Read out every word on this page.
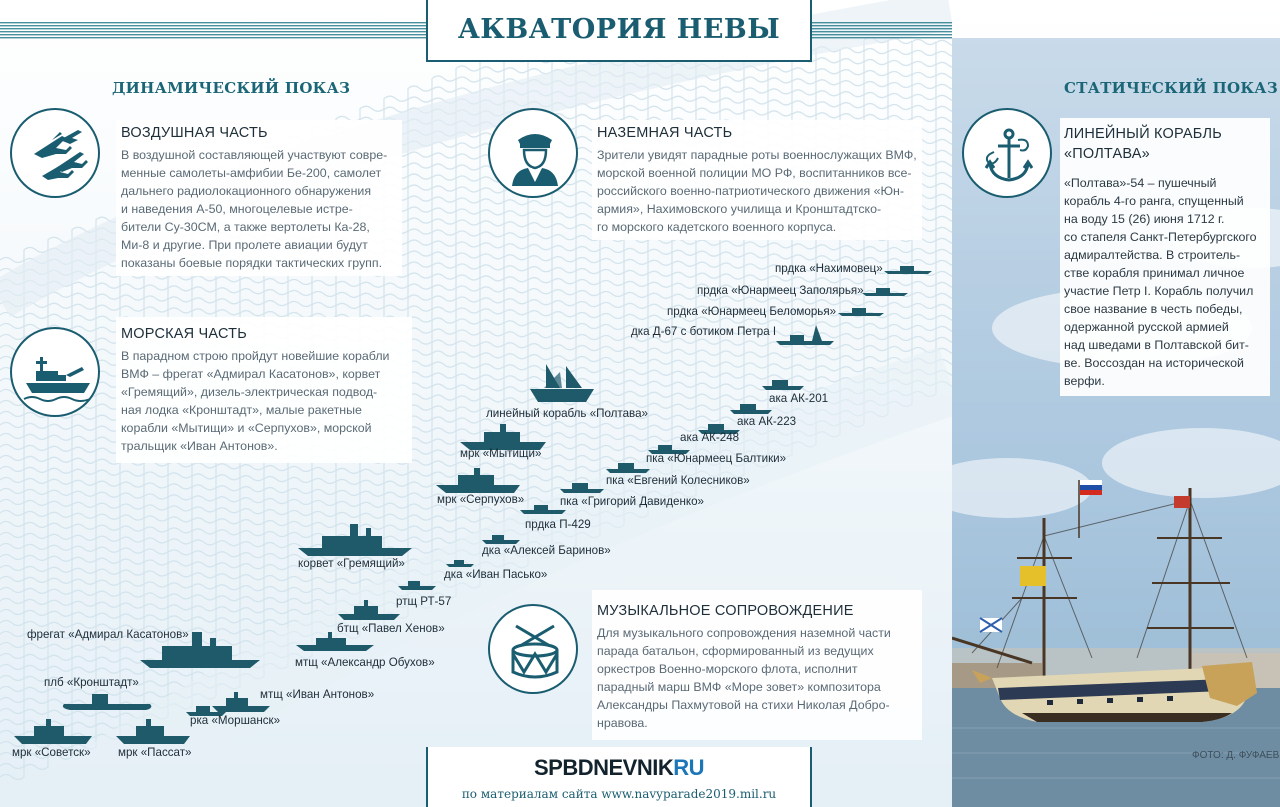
АКВАТОРИЯ НЕВЫ
ДИНАМИЧЕСКИЙ ПОКАЗ	СТАТИЧЕСКИЙ ПОКАЗ
ФОТО: Д. ФУФАЕВ
ВОЗДУШНАЯ ЧАСТЬ
В воздушной составляющей участвуют совре-
менные самолеты-амфибии Бе-200, самолет
дальнего радиолокационного обнаружения
и наведения А-50, многоцелевые истре-
бители Су-30СМ, а также вертолеты Ка-28,
Ми-8 и другие. При пролете авиации будут
показаны боевые порядки тактических групп.
НАЗЕМНАЯ ЧАСТЬ
Зрители увидят парадные роты военнослужащих ВМФ,
морской военной полиции МО РФ, воспитанников все-
российского военно-патриотического движения «Юн-
армия», Нахимовского училища и Кронштадтско-
го морского кадетского военного корпуса.
МОРСКАЯ ЧАСТЬ
В парадном строю пройдут новейшие корабли
ВМФ – фрегат «Адмирал Касатонов», корвет
«Гремящий», дизель-электрическая подвод-
ная лодка «Кронштадт», малые ракетные
корабли «Мытищи» и «Серпухов», морской
тральщик «Иван Антонов».
МУЗЫКАЛЬНОЕ СОПРОВОЖДЕНИЕ
Для музыкального сопровождения наземной части
парада батальон, сформированный из ведущих
оркестров Военно-морского флота, исполнит
парадный марш ВМФ «Море зовет» композитора
Александры Пахмутовой на стихи Николая Добро-
нравова.
ЛИНЕЙНЫЙ КОРАБЛЬ
«ПОЛТАВА»
«Полтава»-54 – пушечный
корабль 4-го ранга, спущенный
на воду 15 (26) июня 1712 г.
со стапеля Санкт-Петербургского
адмиралтейства. В строитель-
стве корабля принимал личное
участие Петр I. Корабль получил
свое название в честь победы,
одержанной русской армией
над шведами в Полтавской бит-
ве. Воссоздан на исторической
верфи.
прдка «Нахимовец»
прдка «Юнармеец Заполярья»
прдка «Юнармеец Беломорья»
дка Д-67 с ботиком Петра I
линейный корабль «Полтава»
ака АК-201
ака АК-223
ака АК-248
мрк «Мытищи»	пка «Юнармеец Балтики»
пка «Евгений Колесников»
мрк «Серпухов»	пка «Григорий Давиденко»
прдка П-429
дка «Алексей Баринов»
корвет «Гремящий»
дка «Иван Пасько»
ртщ РТ-57
бтщ «Павел Хенов»
фрегат «Адмирал Касатонов»
мтщ «Александр Обухов»
плб «Кронштадт»
мтщ «Иван Антонов»
рка «Моршанск»
мрк «Советск» мрк «Пассат»
SPBDNEVNIKRU
по материалам сайта www.navyparade2019.mil.ru
